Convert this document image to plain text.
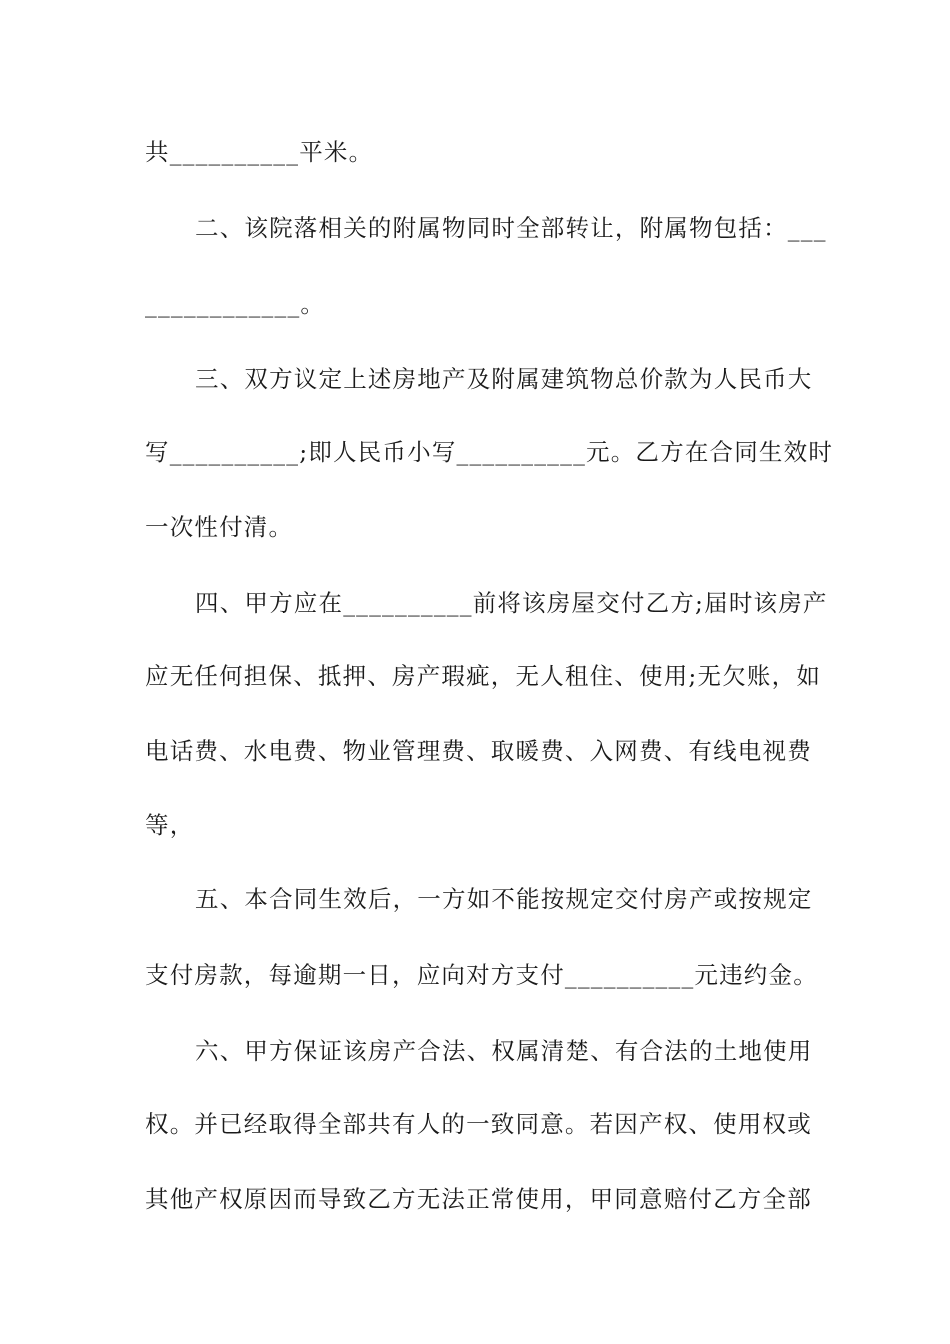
共__________平米。
二、该院落相关的附属物同时全部转让，附属物包括：___
____________。
三、双方议定上述房地产及附属建筑物总价款为人民币大
写__________;即人民币小写__________元。乙方在合同生效时
一次性付清。
四、甲方应在__________前将该房屋交付乙方;届时该房产
应无任何担保、抵押、房产瑕疵，无人租住、使用;无欠账，如
电话费、水电费、物业管理费、取暖费、入网费、有线电视费
等，
五、本合同生效后，一方如不能按规定交付房产或按规定
支付房款，每逾期一日，应向对方支付__________元违约金。
六、甲方保证该房产合法、权属清楚、有合法的土地使用
权。并已经取得全部共有人的一致同意。若因产权、使用权或
其他产权原因而导致乙方无法正常使用，甲同意赔付乙方全部
